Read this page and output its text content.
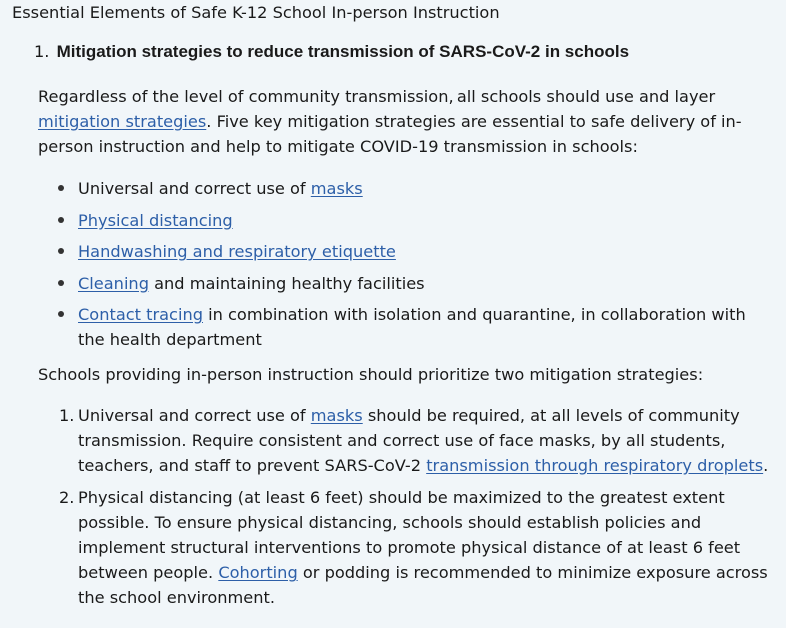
Essential Elements of Safe K-12 School In-person Instruction
1. Mitigation strategies to reduce transmission of SARS-CoV-2 in schools

Regardless of the level of community transmission, all schools should use and layer mitigation strategies. Five key mitigation strategies are essential to safe delivery of in-person instruction and help to mitigate COVID-19 transmission in schools:

Universal and correct use of masks
Physical distancing
Handwashing and respiratory etiquette
Cleaning and maintaining healthy facilities
Contact tracing in combination with isolation and quarantine, in collaboration with the health department

Schools providing in-person instruction should prioritize two mitigation strategies:

1. Universal and correct use of masks should be required, at all levels of community transmission. Require consistent and correct use of face masks, by all students, teachers, and staff to prevent SARS-CoV-2 transmission through respiratory droplets.
2. Physical distancing (at least 6 feet) should be maximized to the greatest extent possible. To ensure physical distancing, schools should establish policies and implement structural interventions to promote physical distance of at least 6 feet between people. Cohorting or podding is recommended to minimize exposure across the school environment.
